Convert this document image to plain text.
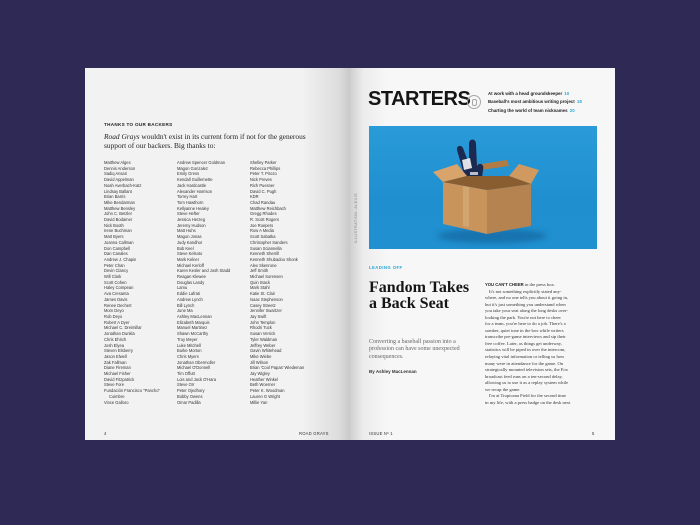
THANKS TO OUR BACKERS
Road Grays wouldn't exist in its current form if not for the generous support of our backers. Big thanks to:
Matthew Alges
Dennis Anderson
Sadiq Ansari
David Appelman
Noah Averbach-Katz
Lindsay Ballant
Brian Barris
Mike Bendarman
Matthew Bensley
John C. Betzler
David Bodamer
Nick Booth
Irene Buchman
Matt Byers
Joanna Callman
Don Campbell
Dan Canales
Andrew J. Chapin
Peter Chan
Devin Clancy
Will Clark
Scott Cohen
Haley Compean
Ava Cresanta
James Davis
Renee Dechert
Mom Deyo
Rob Deyo
Robert A Dyer
Michael C. Dreimillar
Jonathan Dunkla
Chris Ehrich
Josh Elyea
Steven Elsberry
Jason Elwell
Zak Fallman
Diane Fireman
Michael Fisher
David Fitzpatrick
Steve Fore
Fundación Francisco "Pancho"
Coimbre
Vince Galloro
Andrew Spencer Goldman
Magon Gonzalez
Emily Gress
Kendall Guillemette
Jack Hardcastle
Alexander Harrison
Torrey Hart
Tom Hawthorn
Kellyanne Healey
Steve Hefter
Jessica Herzeg
Jeremy Hudson
Matt Huhs
Magon Jonas
Judy Kandhor
Bob Keel
Steve Kelsoto
Mark Kelner
Michael Kerloff
Karen Kesler and Josh Stadd
Reagan Klewee
Douglas Landy
Lamu
Eddie Lafrati
Andrew Lynch
Bill Lynch
June Ma
Ashley MacLennan
Elizabeth Marquis
Manuel Martinez
Shawn McCarthy
Troy Meyer
Luke Mitchell
Burke Morton
Chris Myers
Jonathan Obermoller
Michael O'Donnell
Tim Offutt
Lois and Jack O'Hara
Steve Orr
Peter Ojedhory
Bobby Owens
Omar Padilla
Shelley Parker
Rebecca Phillips
Peter T. Pirozo
Nick Preves
Rich Puesner
David C. Pugh
KDR
Chad Randau
Matthew Reichbach
Gregg Rhodes
R. Scott Rogers
Joe Roepers
Row A Media
Scott Sabatka
Christopher Sanders
Susan Sciannella
Kenneth Sherrill
Kenneth Shubadoo Shonk
Alex Skenrone
Jeff Smith
Michael Sorensen
Quin Stack
Mark Stahl
Katie St. Clair
Isaac Stephenson
Casey Streetz
Jennifer Swartzer
Jay Swift
John Templon
Rhodri Tuck
Susan Verrick
Tyler Waldman
Jeffrey Weber
Gavin Whitehead
Mike Wiebe
Jill Wilson
Brian 'Cool Papas' Wiedeman
Jay Wigley
Heather Winkel
Beth Woerner
Peter K. Woodman
Lauren G Wright
Millie Yan
4	ROAD GRAYS
STARTERS	At work with a head groundskeeper 10
Baseball's most ambitious writing project 18
Charting the world of team nicknames 20
ILLUSTRATION: ALEXIS
LEADING OFF
Fandom Takes a Back Seat
Converting a baseball passion into a profession can have some unexpected consequences.
By Ashley MacLennan
YOU CAN'T CHEER in the press box.
It's not something explicitly stated any-
where, and no one tells you about it going in,
but it's just something you understand when
you take your seat along the long desks over-
looking the park. You're not here to cheer
for a team, you're here to do a job. There's a
somber, quiet tone in the box while writers
transcribe pre-game interviews and sip their
free coffee. Later, as things get underway,
statistics will be piped in over the intercom,
relaying vital information or telling us how
many were in attendance for the game. On
strategically mounted television sets, the Fox
broadcast feed runs on a ten-second delay,
allowing us to use it as a replay system while
we recap the game.
I'm at Tropicana Field for the second time
in my life, with a press badge on the desk next
ISSUE Nº 1	5
